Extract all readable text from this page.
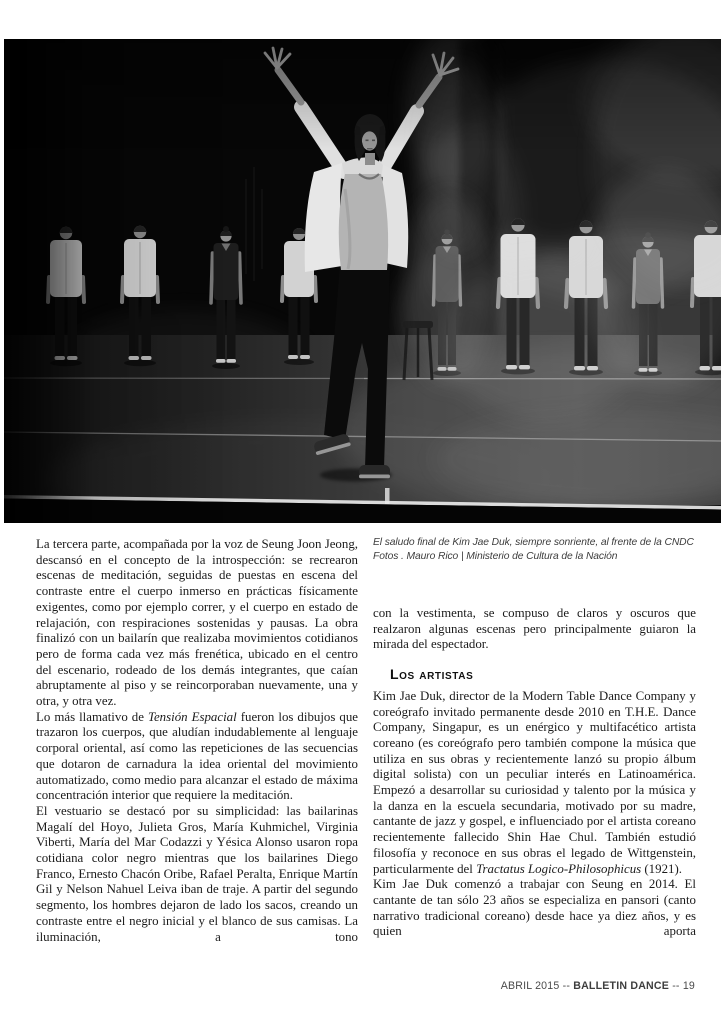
El saludo final de Kim Jae Duk, siempre sonriente, al frente de la CNDC
Fotos . Mauro Rico | Ministerio de Cultura de la Nación

La tercera parte, acompañada por la voz de Seung Joon Jeong, descansó en el concepto de la introspección: se recrearon escenas de meditación, seguidas de puestas en escena del contraste entre el cuerpo inmerso en prácticas físicamente exigentes, como por ejemplo correr, y el cuerpo en estado de relajación, con respiraciones sostenidas y pausas. La obra finalizó con un bailarín que realizaba movimientos cotidianos pero de forma cada vez más frenética, ubicado en el centro del escenario, rodeado de los demás integrantes, que caían abruptamente al piso y se reincorporaban nuevamente, una y otra, y otra vez.

Lo más llamativo de Tensión Espacial fueron los dibujos que trazaron los cuerpos, que aludían indudablemente al lenguaje corporal oriental, así como las repeticiones de las secuencias que dotaron de carnadura la idea oriental del movimiento automatizado, como medio para alcanzar el estado de máxima concentración interior que requiere la meditación.

El vestuario se destacó por su simplicidad: las bailarinas Magalí del Hoyo, Julieta Gros, María Kuhmichel, Virginia Viberti, María del Mar Codazzi y Yésica Alonso usaron ropa cotidiana color negro mientras que los bailarines Diego Franco, Ernesto Chacón Oribe, Rafael Peralta, Enrique Martín Gil y Nelson Nahuel Leiva iban de traje. A partir del segundo segmento, los hombres dejaron de lado los sacos, creando un contraste entre el negro inicial y el blanco de sus camisas. La iluminación, a tono

con la vestimenta, se compuso de claros y oscuros que realzaron algunas escenas pero principalmente guiaron la mirada del espectador.

Los artistas

Kim Jae Duk, director de la Modern Table Dance Company y coreógrafo invitado permanente desde 2010 en T.H.E. Dance Company, Singapur, es un enérgico y multifacético artista coreano (es coreógrafo pero también compone la música que utiliza en sus obras y recientemente lanzó su propio álbum digital solista) con un peculiar interés en Latinoamérica. Empezó a desarrollar su curiosidad y talento por la música y la danza en la escuela secundaria, motivado por su madre, cantante de jazz y gospel, e influenciado por el artista coreano recientemente fallecido Shin Hae Chul. También estudió filosofía y reconoce en sus obras el legado de Wittgenstein, particularmente del Tractatus Logico-Philosophicus (1921).

Kim Jae Duk comenzó a trabajar con Seung en 2014. El cantante de tan sólo 23 años se especializa en pansori (canto narrativo tradicional coreano) desde hace ya diez años, y es quien aporta

ABRIL 2015 -- BALLETIN DANCE -- 19
